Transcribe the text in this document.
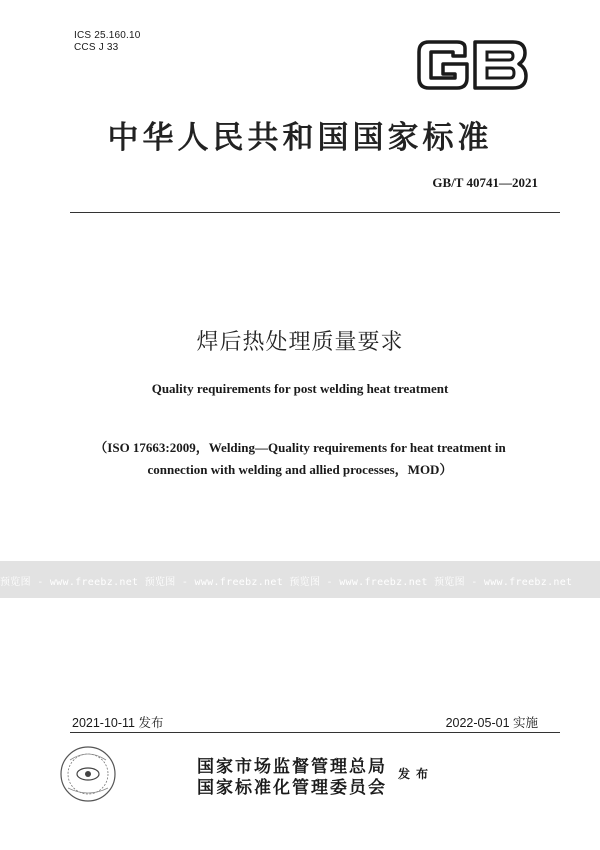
ICS 25.160.10
CCS J 33
中华人民共和国国家标准
GB/T 40741—2021
焊后热处理质量要求
Quality requirements for post welding heat treatment
（ISO 17663:2009，Welding—Quality requirements for heat treatment in
connection with welding and allied processes，MOD）
预览图 - www.freebz.net 预览图 - www.freebz.net 预览图 - www.freebz.net 预览图 - www.freebz.net
2021-10-11 发布	2022-05-01 实施
国家市场监督管理总局
国家标准化管理委员会
发布
